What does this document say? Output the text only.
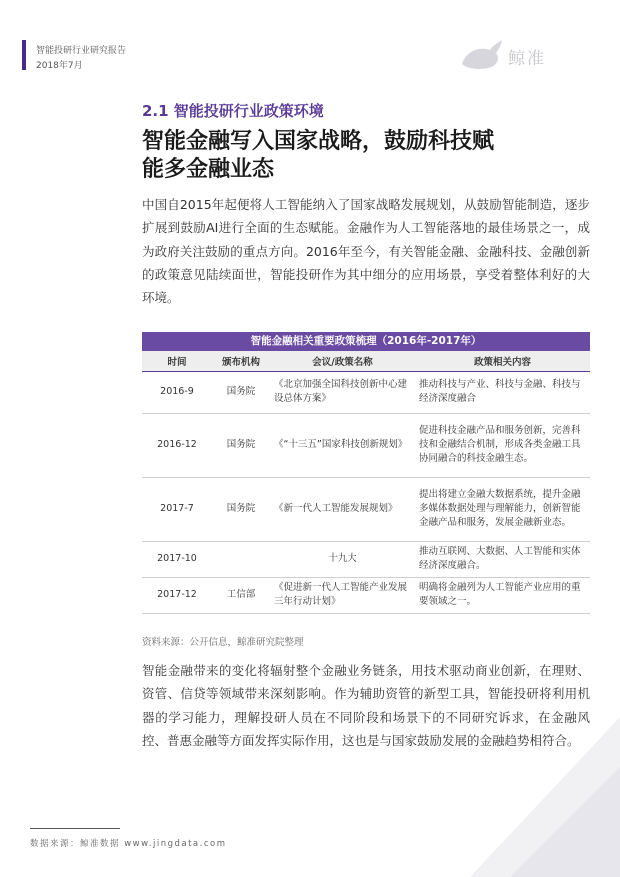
智能投研行业研究报告
2018年7月	鲸准
2.1 智能投研行业政策环境
智能金融写入国家战略，鼓励科技赋
能多金融业态
中国自2015年起便将人工智能纳入了国家战略发展规划，从鼓励智能制造，逐步扩展到鼓励AI进行全面的生态赋能。金融作为人工智能落地的最佳场景之一，成为政府关注鼓励的重点方向。2016年至今，有关智能金融、金融科技、金融创新的政策意见陆续面世，智能投研作为其中细分的应用场景，享受着整体利好的大环境。
智能金融相关重要政策梳理（2016年-2017年）
时间	颁布机构	会议/政策名称	政策相关内容
2016-9	国务院	《北京加强全国科技创新中心建设总体方案》	推动科技与产业、科技与金融、科技与经济深度融合
2016-12	国务院	《“十三五”国家科技创新规划》	促进科技金融产品和服务创新，完善科技和金融结合机制，形成各类金融工具协同融合的科技金融生态。
2017-7	国务院	《新一代人工智能发展规划》	提出将建立金融大数据系统，提升金融多媒体数据处理与理解能力，创新智能金融产品和服务，发展金融新业态。
2017-10		十九大	推动互联网、大数据、人工智能和实体经济深度融合。
2017-12	工信部	《促进新一代人工智能产业发展三年行动计划》	明确将金融列为人工智能产业应用的重要领域之一。
资料来源：公开信息，鲸准研究院整理
智能金融带来的变化将辐射整个金融业务链条，用技术驱动商业创新，在理财、资管、信贷等领域带来深刻影响。作为辅助资管的新型工具，智能投研将利用机器的学习能力，理解投研人员在不同阶段和场景下的不同研究诉求，在金融风控、普惠金融等方面发挥实际作用，这也是与国家鼓励发展的金融趋势相符合。
数据来源：鲸准数据 www.jingdata.com
